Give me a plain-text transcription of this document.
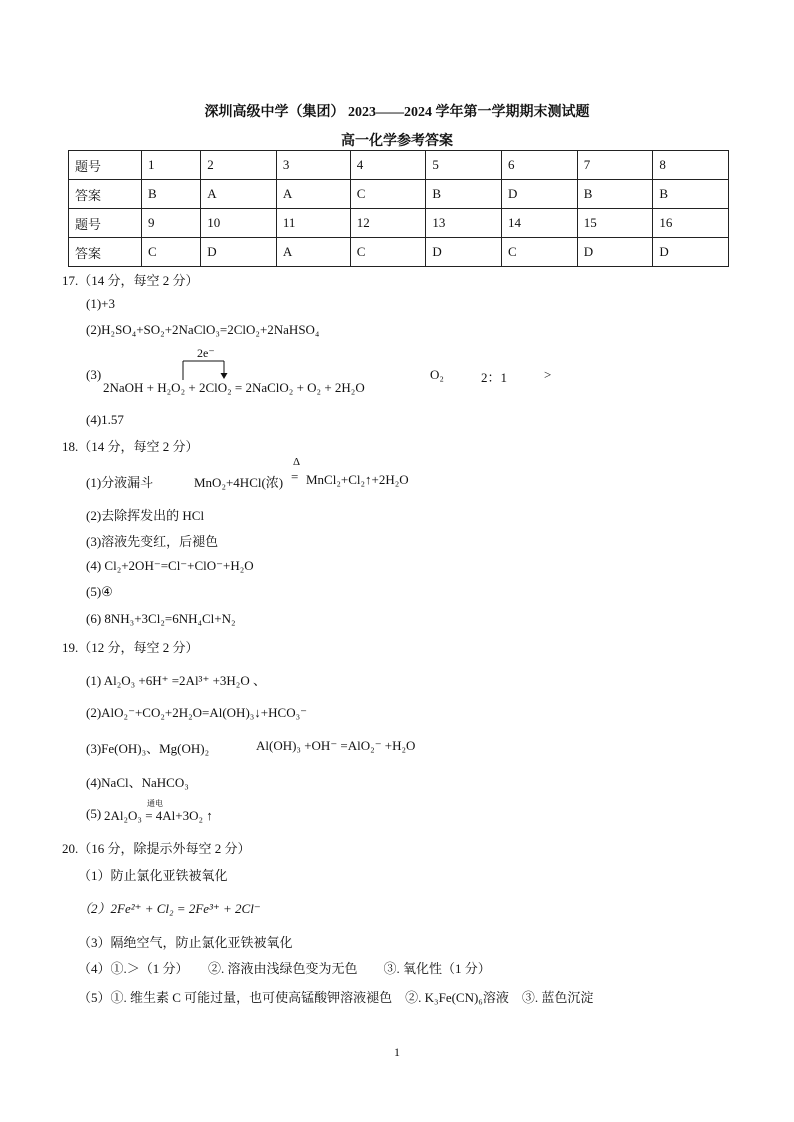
深圳高级中学（集团） 2023——2024 学年第一学期期末测试题
高一化学参考答案
题号	1	2	3	4	5	6	7	8
答案	B	A	A	C	B	D	B	B
题号	9	10	11	12	13	14	15	16
答案	C	D	A	C	D	C	D	D
17.（14 分，每空 2 分）
(1)+3
(2)H₂SO₄+SO₂+2NaClO₃=2ClO₂+2NaHSO₄
(3)
2e⁻
2NaOH + H₂O₂ + 2ClO₂ = 2NaClO₂ + O₂ + 2H₂O
O₂	2：1	>
(4)1.57
18.（14 分，每空 2 分）
(1)分液漏斗	MnO₂+4HCl(浓)
Δ
= MnCl₂+Cl₂↑+2H₂O
(2)去除挥发出的 HCl
(3)溶液先变红，后褪色
(4) Cl₂+2OH⁻=Cl⁻+ClO⁻+H₂O
(5)④
(6) 8NH₃+3Cl₂=6NH₄Cl+N₂
19.（12 分，每空 2 分）
(1) Al₂O₃ +6H⁺ =2Al³⁺ +3H₂O 、
(2)AlO₂⁻+CO₂+2H₂O=Al(OH)₃↓+HCO₃⁻
(3)Fe(OH)₃、Mg(OH)₂	Al(OH)₃ +OH⁻ =AlO₂⁻ +H₂O
(4)NaCl、NaHCO₃
(5)
通电
2Al₂O₃ = 4Al+3O₂ ↑
20.（16 分，除提示外每空 2 分）
（1）防止氯化亚铁被氧化
（2）2Fe²⁺ + Cl₂ = 2Fe³⁺ + 2Cl⁻
（3）隔绝空气，防止氯化亚铁被氧化
（4）①.＞（1 分）　　②. 溶液由浅绿色变为无色　　③. 氧化性（1 分）
（5）①. 维生素 C 可能过量，也可使高锰酸钾溶液褪色　②. K₃Fe(CN)₆溶液　③. 蓝色沉淀
1
